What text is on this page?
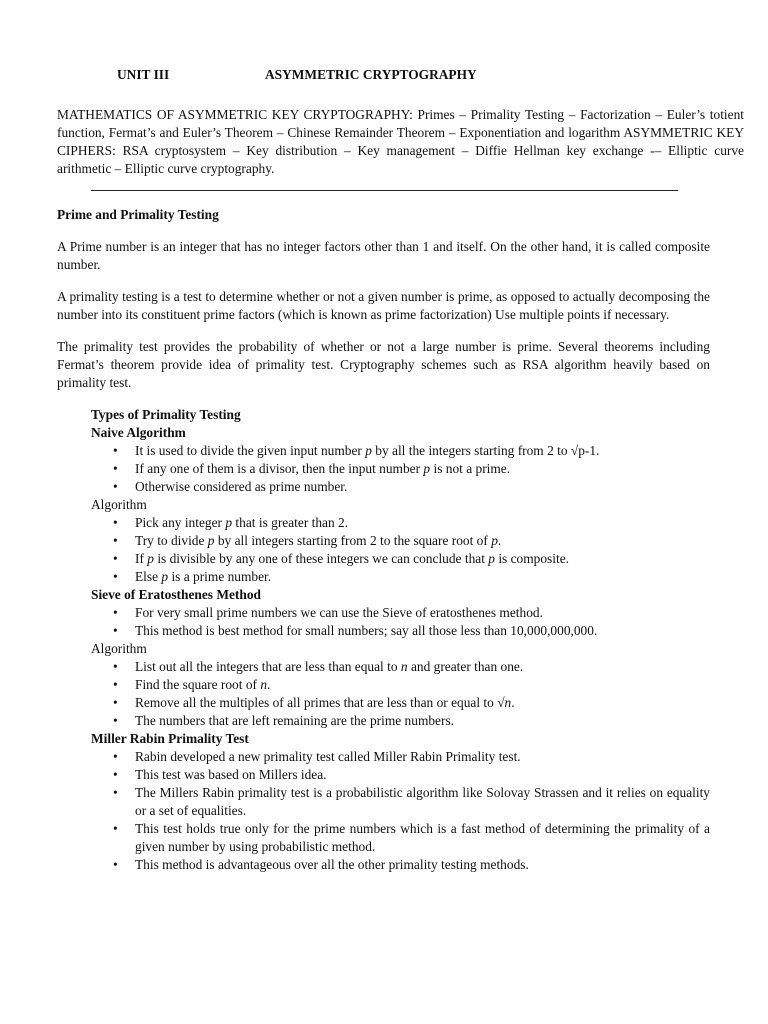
UNIT III	ASYMMETRIC CRYPTOGRAPHY

MATHEMATICS OF ASYMMETRIC KEY CRYPTOGRAPHY: Primes – Primality Testing – Factorization – Euler’s totient function, Fermat’s and Euler’s Theorem – Chinese Remainder Theorem – Exponentiation and logarithm ASYMMETRIC KEY CIPHERS: RSA cryptosystem – Key distribution – Key management – Diffie Hellman key exchange -– Elliptic curve arithmetic – Elliptic curve cryptography.

Prime and Primality Testing

A Prime number is an integer that has no integer factors other than 1 and itself. On the other hand, it is called composite number.

A primality testing is a test to determine whether or not a given number is prime, as opposed to actually decomposing the number into its constituent prime factors (which is known as prime factorization) Use multiple points if necessary.

The primality test provides the probability of whether or not a large number is prime. Several theorems including Fermat’s theorem provide idea of primality test. Cryptography schemes such as RSA algorithm heavily based on primality test.

Types of Primality Testing
Naive Algorithm
• It is used to divide the given input number p by all the integers starting from 2 to √p-1.
• If any one of them is a divisor, then the input number p is not a prime.
• Otherwise considered as prime number.
Algorithm
• Pick any integer p that is greater than 2.
• Try to divide p by all integers starting from 2 to the square root of p.
• If p is divisible by any one of these integers we can conclude that p is composite.
• Else p is a prime number.
Sieve of Eratosthenes Method
• For very small prime numbers we can use the Sieve of eratosthenes method.
• This method is best method for small numbers; say all those less than 10,000,000,000.
Algorithm
• List out all the integers that are less than equal to n and greater than one.
• Find the square root of n.
• Remove all the multiples of all primes that are less than or equal to √n.
• The numbers that are left remaining are the prime numbers.
Miller Rabin Primality Test
• Rabin developed a new primality test called Miller Rabin Primality test.
• This test was based on Millers idea.
• The Millers Rabin primality test is a probabilistic algorithm like Solovay Strassen and it relies on equality or a set of equalities.
• This test holds true only for the prime numbers which is a fast method of determining the primality of a given number by using probabilistic method.
• This method is advantageous over all the other primality testing methods.
